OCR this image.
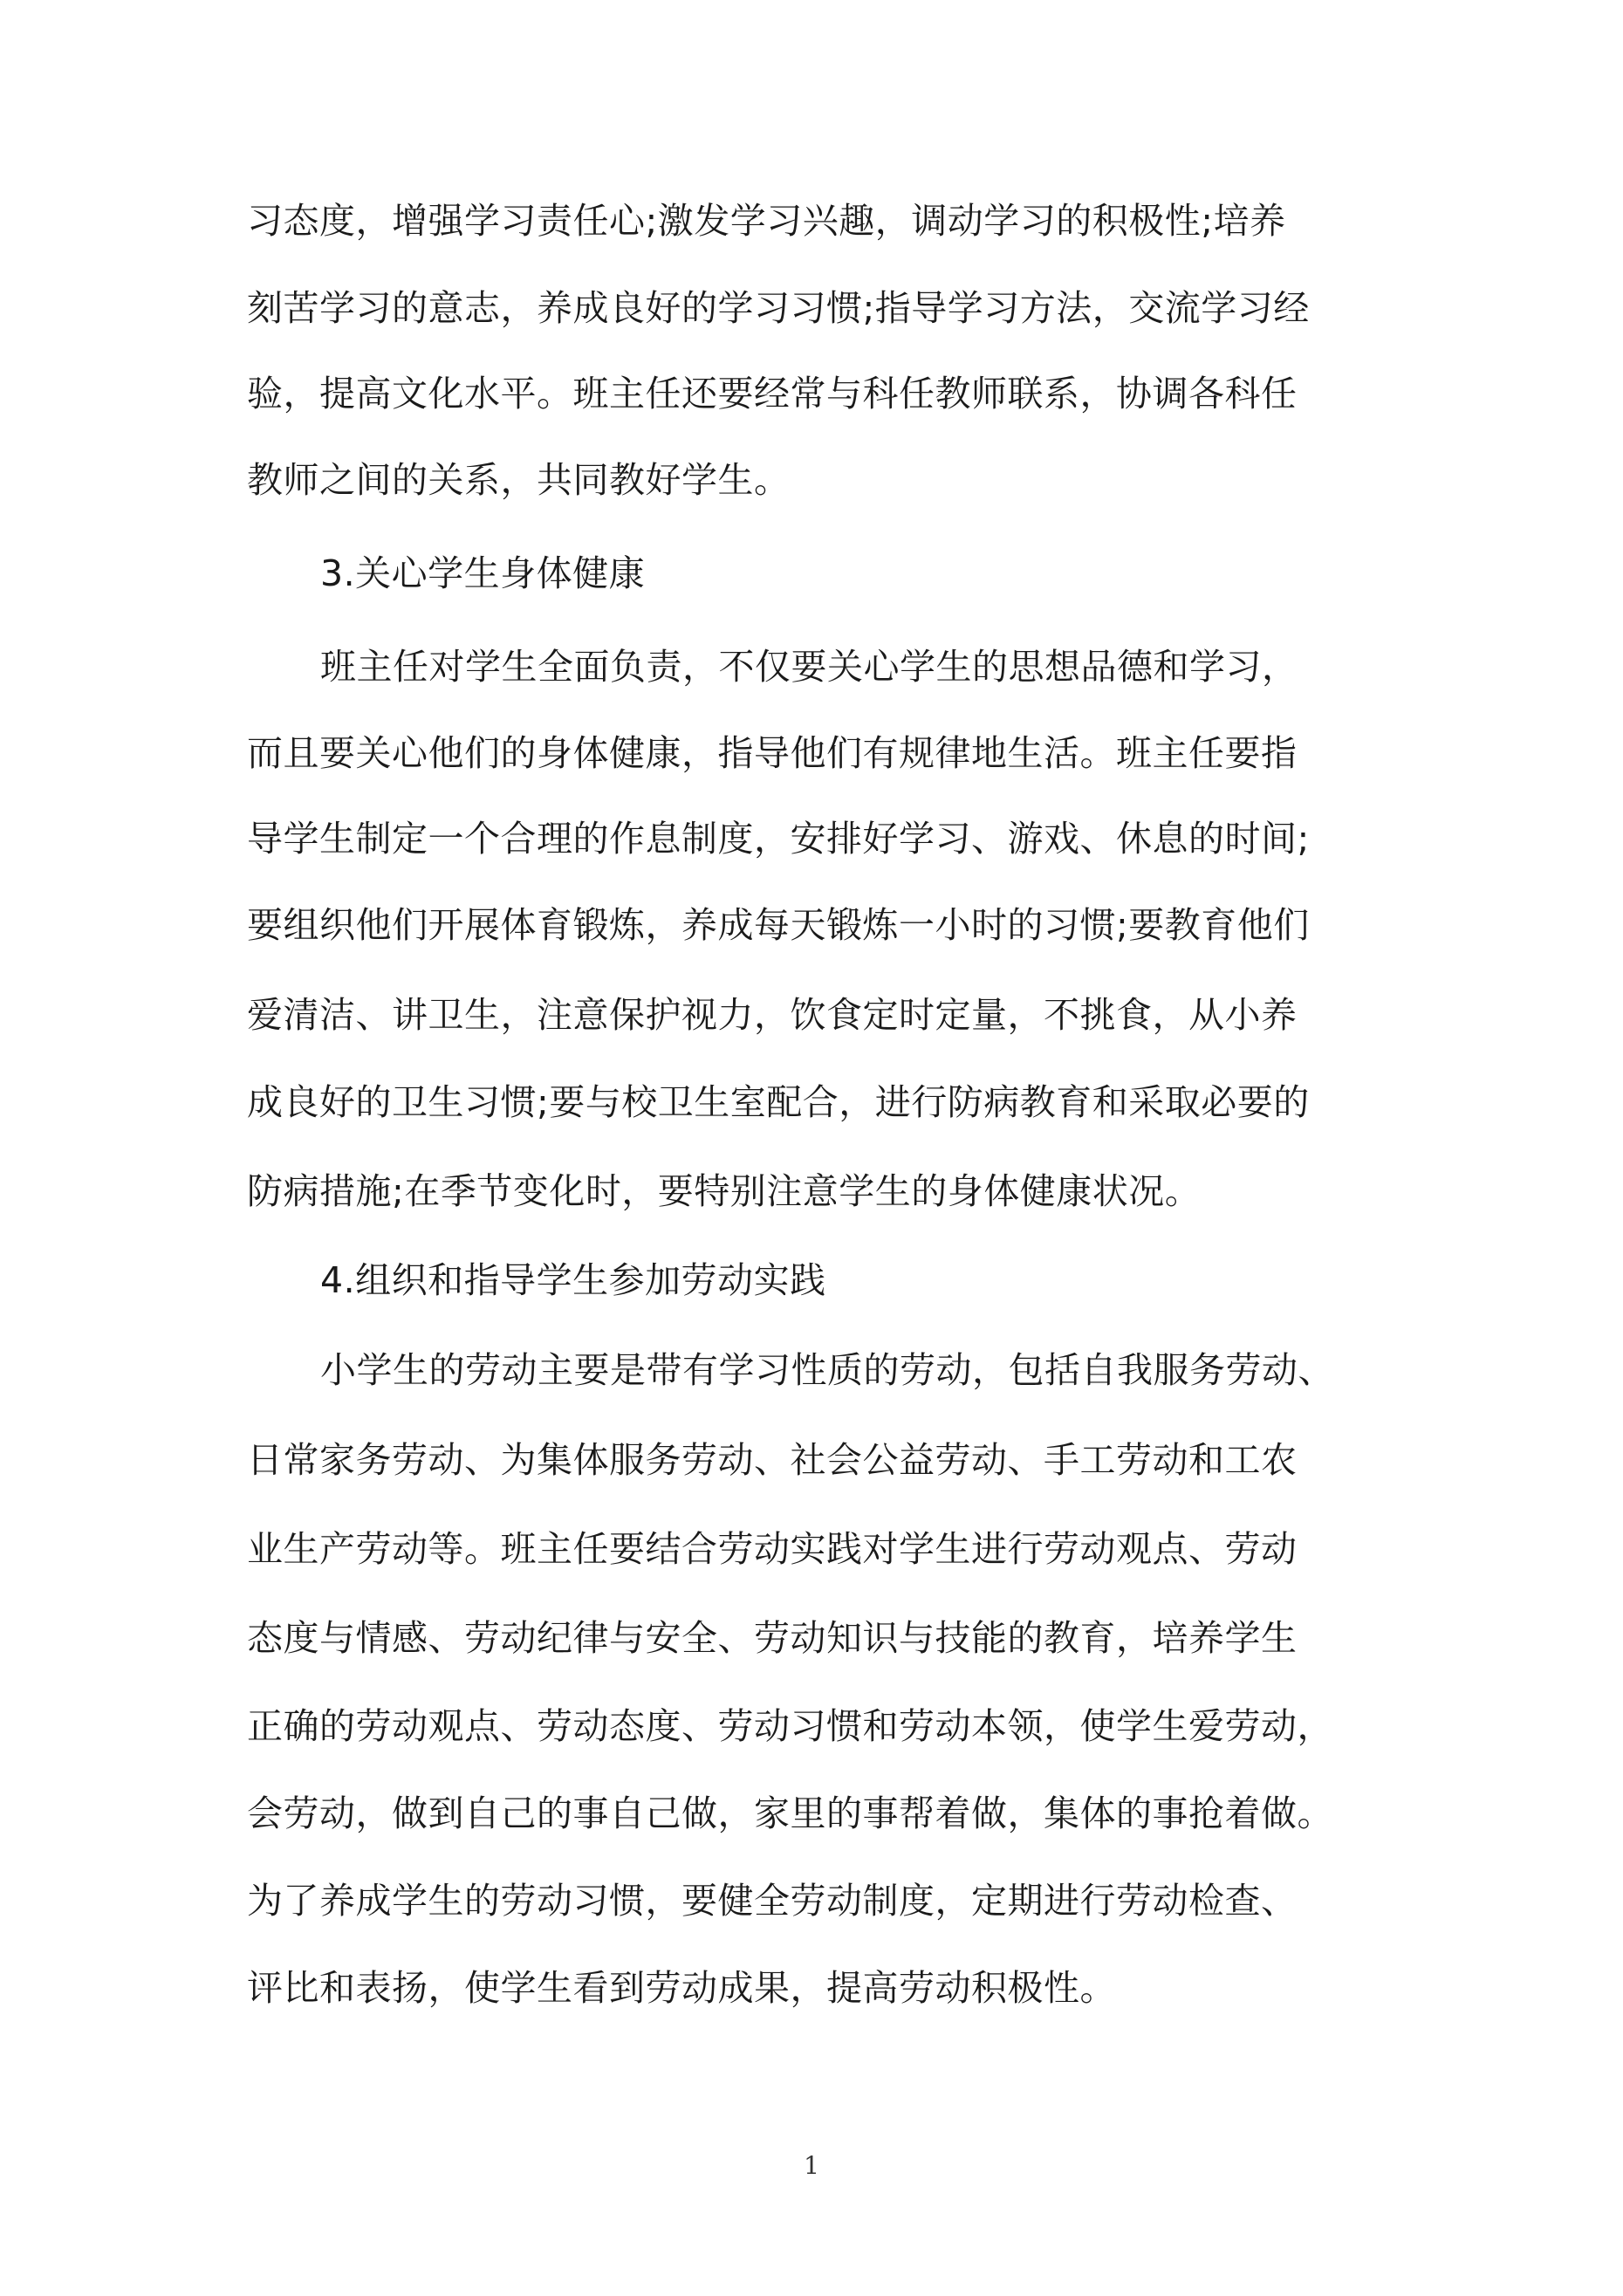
习态度，增强学习责任心;激发学习兴趣，调动学习的积极性;培养
刻苦学习的意志，养成良好的学习习惯;指导学习方法，交流学习经
验，提高文化水平。班主任还要经常与科任教师联系，协调各科任
教师之间的关系，共同教好学生。
3.关心学生身体健康
班主任对学生全面负责，不仅要关心学生的思想品德和学习，
而且要关心他们的身体健康，指导他们有规律地生活。班主任要指
导学生制定一个合理的作息制度，安排好学习、游戏、休息的时间;
要组织他们开展体育锻炼，养成每天锻炼一小时的习惯;要教育他们
爱清洁、讲卫生，注意保护视力，饮食定时定量，不挑食，从小养
成良好的卫生习惯;要与校卫生室配合，进行防病教育和采取必要的
防病措施;在季节变化时，要特别注意学生的身体健康状况。
4.组织和指导学生参加劳动实践
小学生的劳动主要是带有学习性质的劳动，包括自我服务劳动、
日常家务劳动、为集体服务劳动、社会公益劳动、手工劳动和工农
业生产劳动等。班主任要结合劳动实践对学生进行劳动观点、劳动
态度与情感、劳动纪律与安全、劳动知识与技能的教育，培养学生
正确的劳动观点、劳动态度、劳动习惯和劳动本领，使学生爱劳动，
会劳动，做到自己的事自己做，家里的事帮着做，集体的事抢着做。
为了养成学生的劳动习惯，要健全劳动制度，定期进行劳动检查、
评比和表扬，使学生看到劳动成果，提高劳动积极性。
1
